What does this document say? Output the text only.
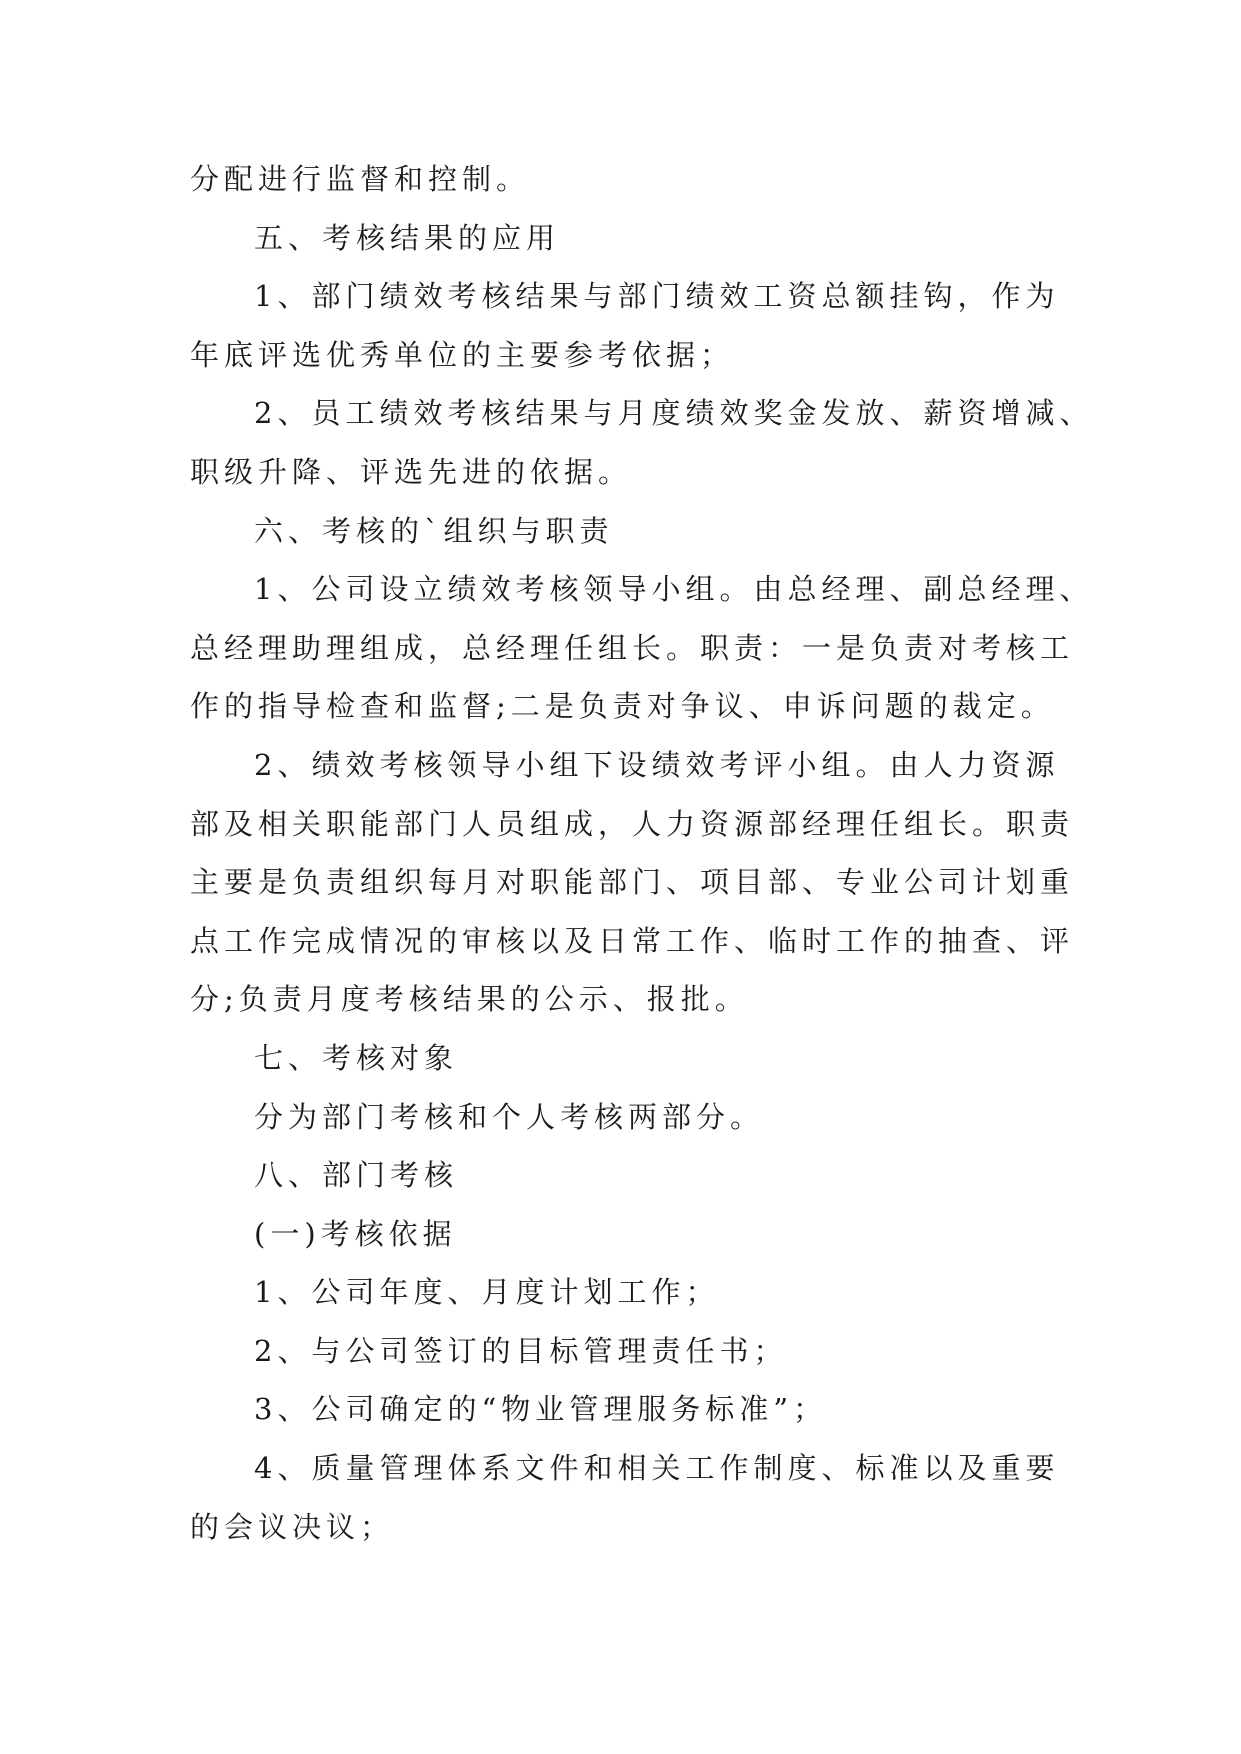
分配进行监督和控制。
五、考核结果的应用
1、部门绩效考核结果与部门绩效工资总额挂钩，作为
年底评选优秀单位的主要参考依据；
2、员工绩效考核结果与月度绩效奖金发放、薪资增减、
职级升降、评选先进的依据。
六、考核的`组织与职责
1、公司设立绩效考核领导小组。由总经理、副总经理、
总经理助理组成，总经理任组长。职责：一是负责对考核工
作的指导检查和监督;二是负责对争议、申诉问题的裁定。
2、绩效考核领导小组下设绩效考评小组。由人力资源
部及相关职能部门人员组成，人力资源部经理任组长。职责
主要是负责组织每月对职能部门、项目部、专业公司计划重
点工作完成情况的审核以及日常工作、临时工作的抽查、评
分;负责月度考核结果的公示、报批。
七、考核对象
分为部门考核和个人考核两部分。
八、部门考核
(一)考核依据
1、公司年度、月度计划工作；
2、与公司签订的目标管理责任书；
3、公司确定的“物业管理服务标准”；
4、质量管理体系文件和相关工作制度、标准以及重要
的会议决议；
